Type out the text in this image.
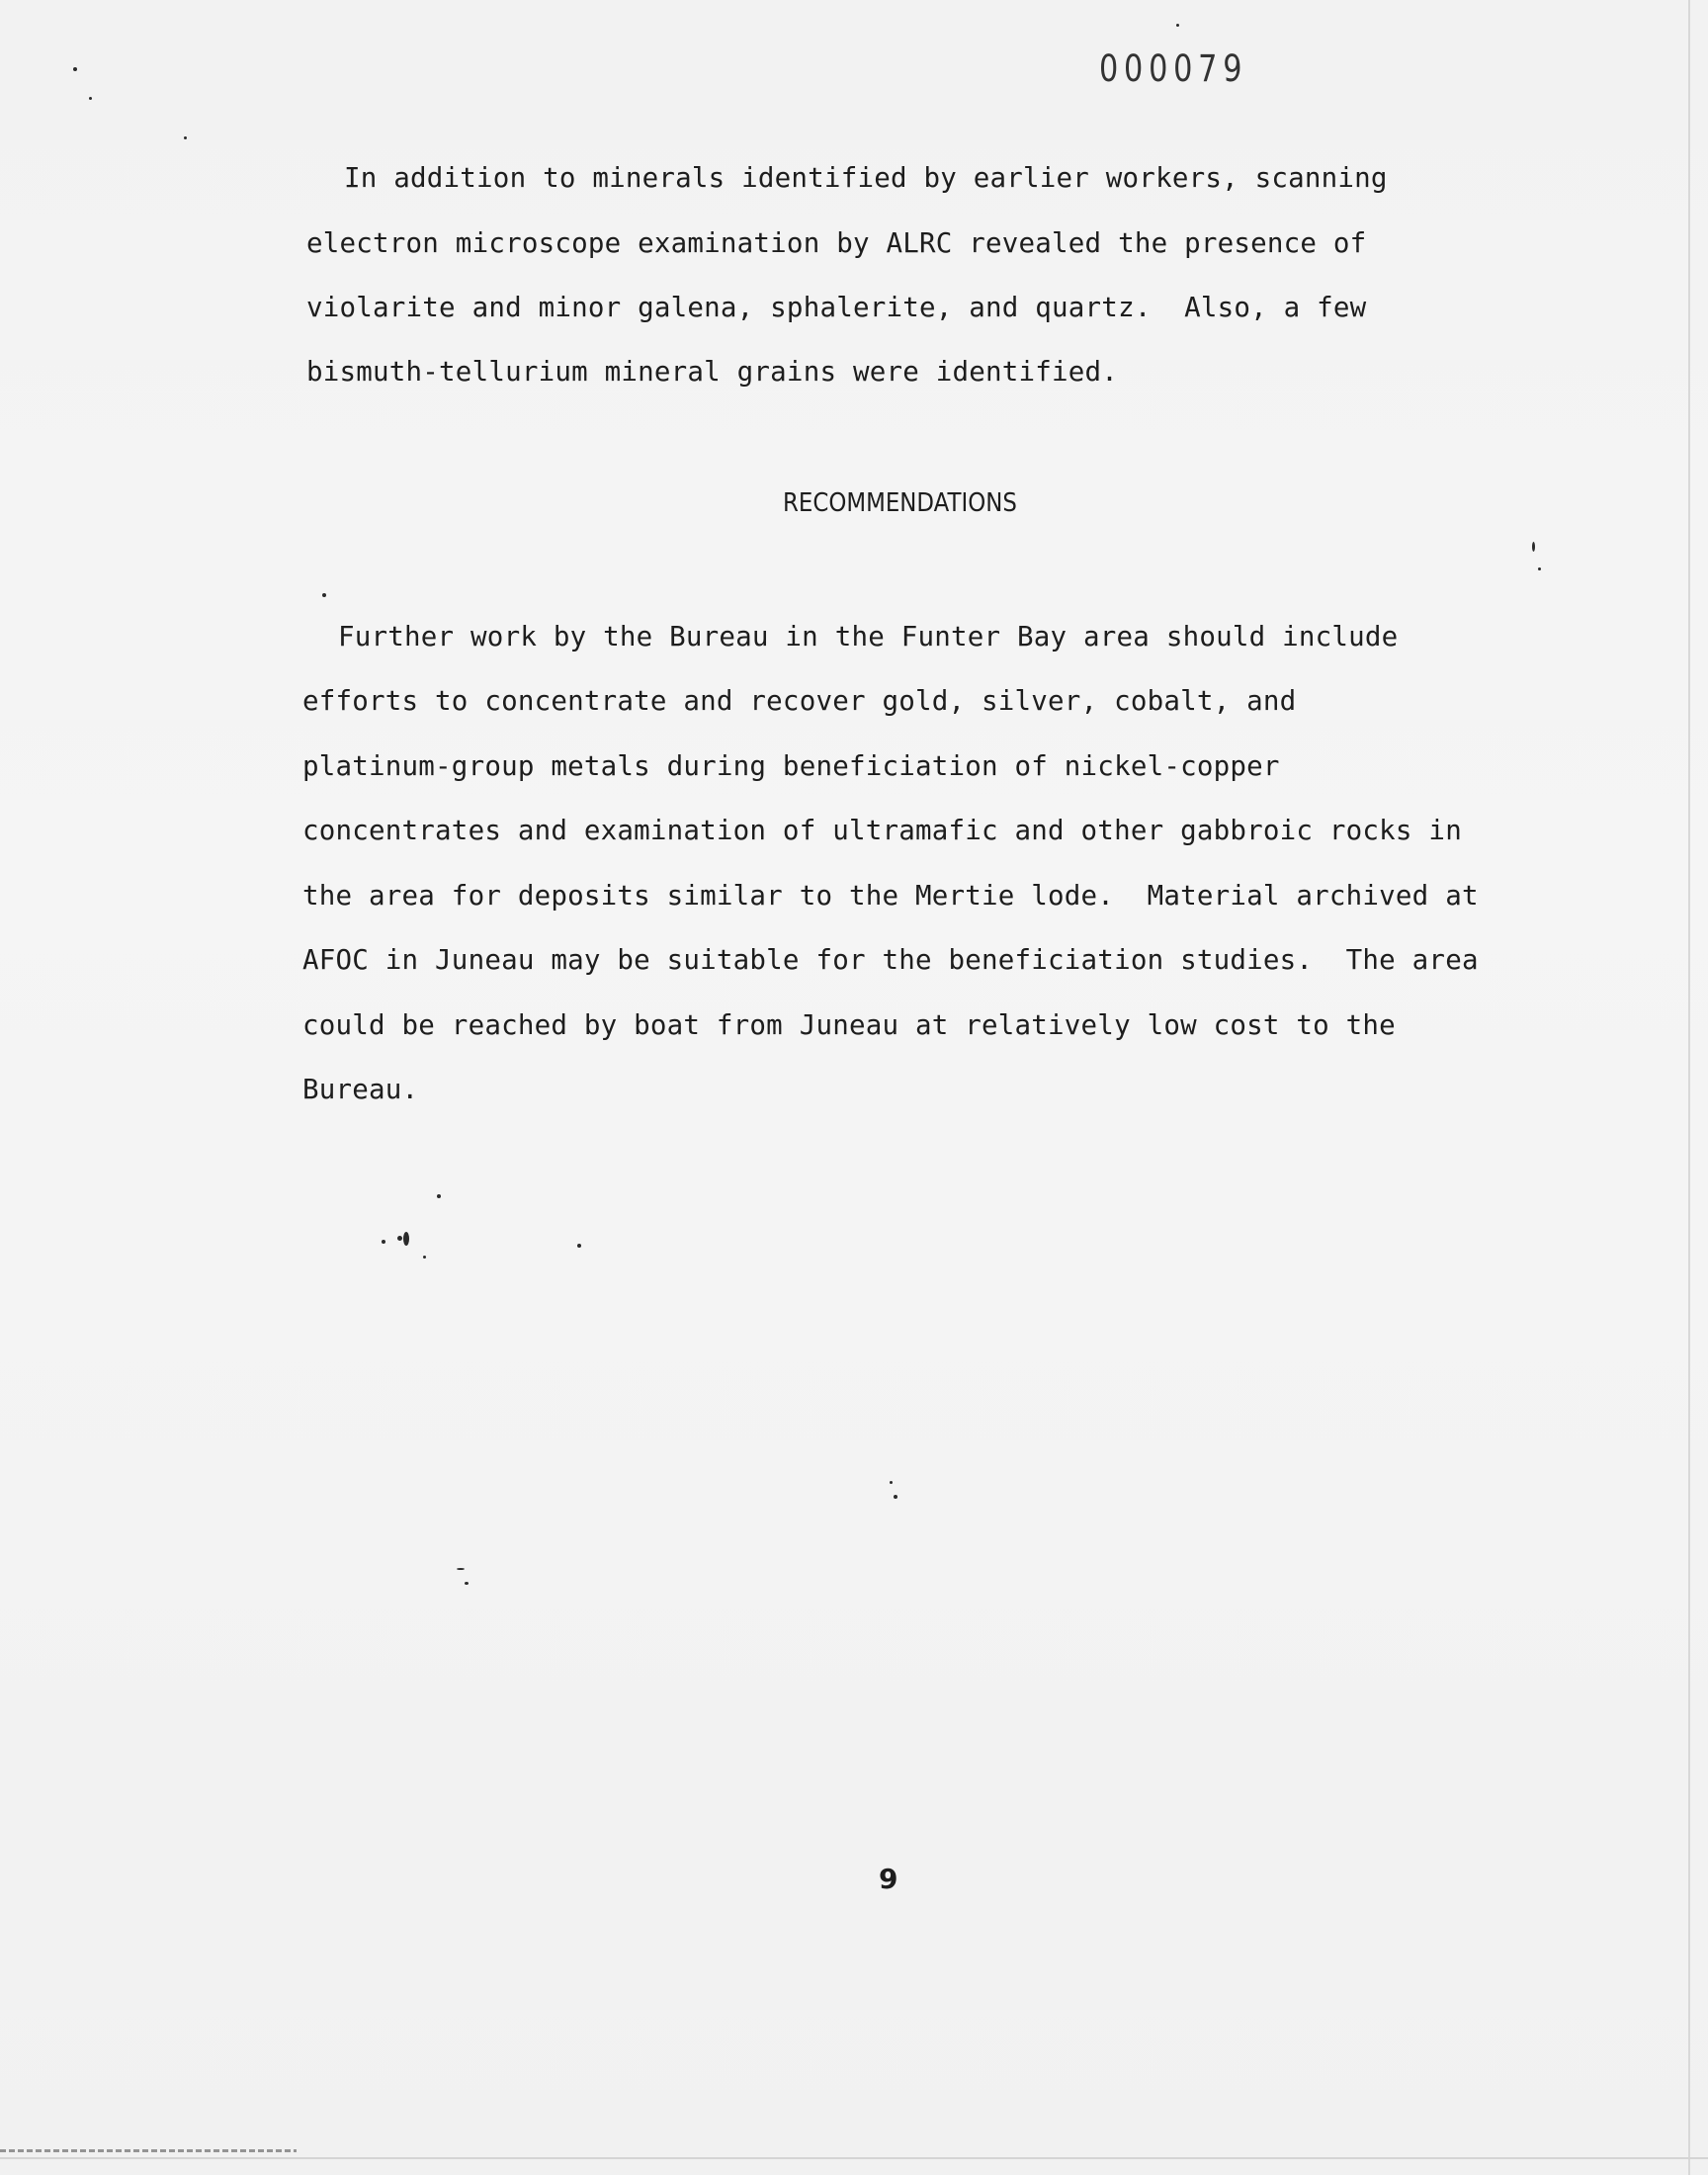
000079
In addition to minerals identified by earlier workers, scanning
electron microscope examination by ALRC revealed the presence of
violarite and minor galena, sphalerite, and quartz.  Also, a few
bismuth-tellurium mineral grains were identified.
RECOMMENDATIONS
Further work by the Bureau in the Funter Bay area should include
efforts to concentrate and recover gold, silver, cobalt, and
platinum-group metals during beneficiation of nickel-copper
concentrates and examination of ultramafic and other gabbroic rocks in
the area for deposits similar to the Mertie lode.  Material archived at
AFOC in Juneau may be suitable for the beneficiation studies.  The area
could be reached by boat from Juneau at relatively low cost to the
Bureau.
9
